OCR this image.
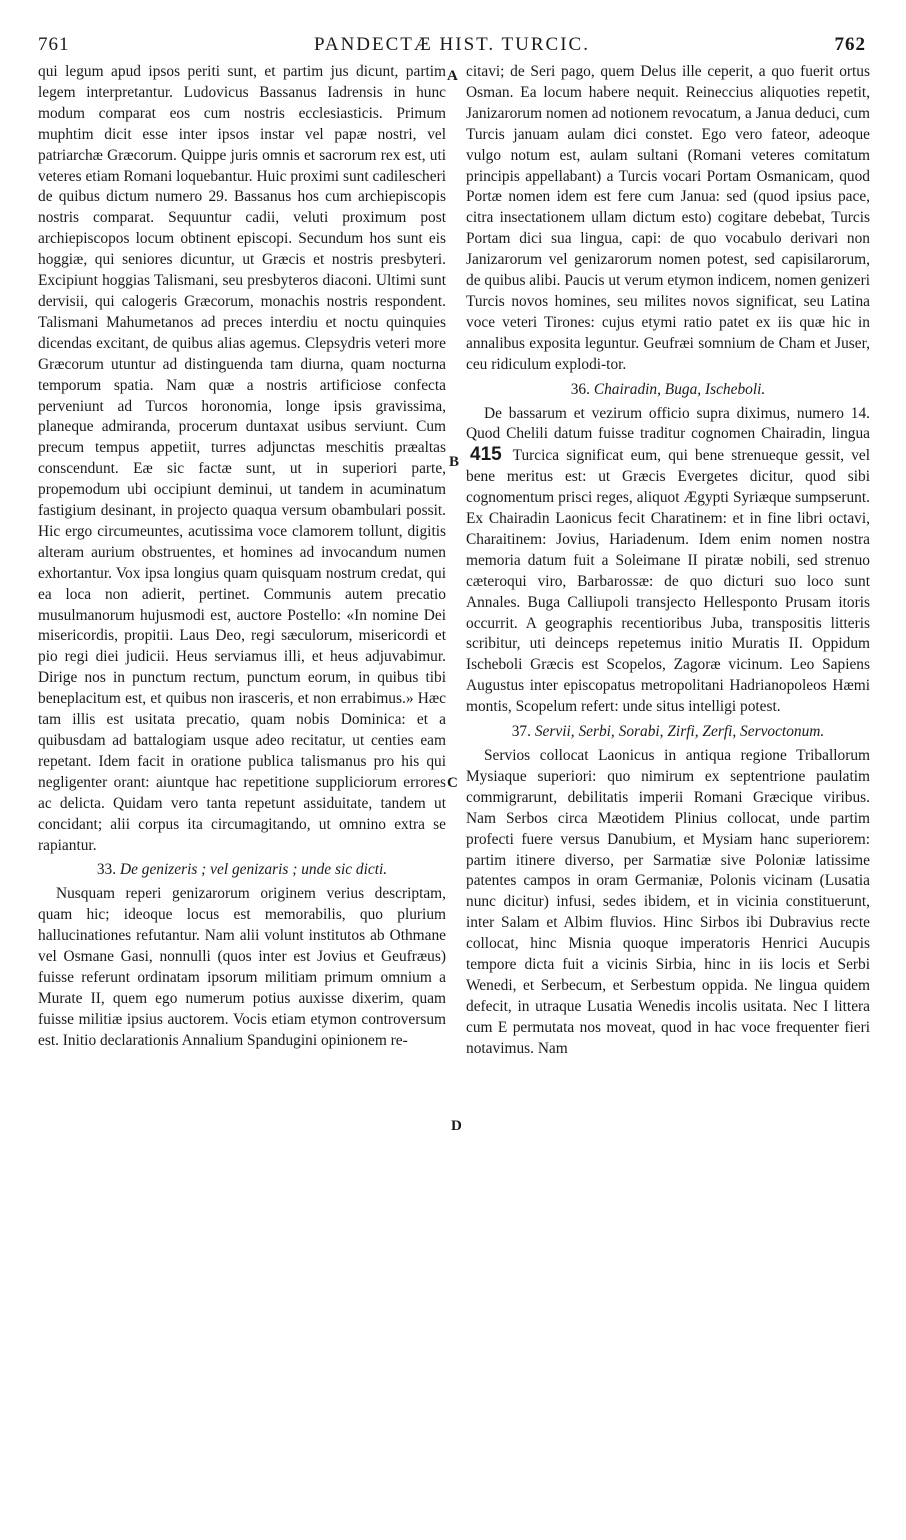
761	PANDECTÆ HIST. TURCIC.	762
A
B
C
D

qui legum apud ipsos periti sunt, et partim jus dicunt, partim legem interpretantur. Ludovicus Bassanus Iadrensis in hunc modum comparat eos cum nostris ecclesiasticis. Primum muphtim dicit esse inter ipsos instar vel papæ nostri, vel patriarchæ Græcorum. Quippe juris omnis et sacrorum rex est, uti veteres etiam Romani loquebantur. Huic proximi sunt cadilescheri de quibus dictum numero 29. Bassanus hos cum archiepiscopis nostris comparat. Sequuntur cadii, veluti proximum post archiepiscopos locum obtinent episcopi. Secundum hos sunt eis hoggiæ, qui seniores dicuntur, ut Græcis et nostris presbyteri. Excipiunt hoggias Talismani, seu presbyteros diaconi. Ultimi sunt dervisii, qui calogeris Græcorum, monachis nostris respondent. Talismani Mahumetanos ad preces interdiu et noctu quinquies dicendas excitant, de quibus alias agemus. Clepsydris veteri more Græcorum utuntur ad distinguenda tam diurna, quam nocturna temporum spatia. Nam quæ a nostris artificiose confecta perveniunt ad Turcos horonomia, longe ipsis gravissima, planeque admiranda, procerum duntaxat usibus serviunt. Cum precum tempus appetiit, turres adjunctas meschitis præaltas conscendunt. Eæ sic factæ sunt, ut in superiori parte, propemodum ubi occipiunt deminui, ut tandem in acuminatum fastigium desinant, in projecto quaqua versum obambulari possit. Hic ergo circumeuntes, acutissima voce clamorem tollunt, digitis alteram aurium obstruentes, et homines ad invocandum numen exhortantur. Vox ipsa longius quam quisquam nostrum credat, qui ea loca non adierit, pertinet. Communis autem precatio musulmanorum hujusmodi est, auctore Postello: «In nomine Dei misericordis, propitii. Laus Deo, regi sæculorum, misericordi et pio regi diei judicii. Heus serviamus illi, et heus adjuvabimur. Dirige nos in punctum rectum, punctum eorum, in quibus tibi beneplacitum est, et quibus non irasceris, et non errabimus.» Hæc tam illis est usitata precatio, quam nobis Dominica: et a quibusdam ad battalogiam usque adeo recitatur, ut centies eam repetant. Idem facit in oratione publica talismanus pro his qui negligenter orant: aiuntque hac repetitione suppliciorum errores ac delicta. Quidam vero tanta repetunt assiduitate, tandem ut concidant; alii corpus ita circumagitando, ut omnino extra se rapiantur.

33. De genizeris ; vel genizaris ; unde sic dicti.

Nusquam reperi genizarorum originem verius descriptam, quam hic; ideoque locus est memorabilis, quo plurium hallucinationes refutantur. Nam alii volunt institutos ab Othmane vel Osmane Gasi, nonnulli (quos inter est Jovius et Geufræus) fuisse referunt ordinatam ipsorum militiam primum omnium a Murate II, quem ego numerum potius auxisse dixerim, quam fuisse militiæ ipsius auctorem. Vocis etiam etymon controversum est. Initio declarationis Annalium Spandugini opinionem re-

citavi; de Seri pago, quem Delus ille ceperit, a quo fuerit ortus Osman. Ea locum habere nequit. Reineccius aliquoties repetit, Janizarorum nomen ad notionem revocatum, a Janua deduci, cum Turcis januam aulam dici constet. Ego vero fateor, adeoque vulgo notum est, aulam sultani (Romani veteres comitatum principis appellabant) a Turcis vocari Portam Osmanicam, quod Portæ nomen idem est fere cum Janua: sed (quod ipsius pace, citra insectationem ullam dictum esto) cogitare debebat, Turcis Portam dici sua lingua, capi: de quo vocabulo derivari non Janizarorum vel genizarorum nomen potest, sed capisilarorum, de quibus alibi. Paucis ut verum etymon indicem, nomen genizeri Turcis novos homines, seu milites novos significat, seu Latina voce veteri Tirones: cujus etymi ratio patet ex iis quæ hic in annalibus exposita leguntur. Geufræi somnium de Cham et Juser, ceu ridiculum explodi-tor.

36. Chairadin, Buga, Ischeboli.

De bassarum et vezirum officio supra diximus, numero 14. Quod Chelili datum fuisse traditur cognomen Chairadin, lingua 415 Turcica significat eum, qui bene strenueque gessit, vel bene meritus est: ut Græcis Evergetes dicitur, quod sibi cognomentum prisci reges, aliquot Ægypti Syriæque sumpserunt. Ex Chairadin Laonicus fecit Charatinem: et in fine libri octavi, Charaitinem: Jovius, Hariadenum. Idem enim nomen nostra memoria datum fuit a Soleimane II piratæ nobili, sed strenuo cæteroqui viro, Barbarossæ: de quo dicturi suo loco sunt Annales. Buga Calliupoli transjecto Hellesponto Prusam itoris occurrit. A geographis recentioribus Juba, transpositis litteris scribitur, uti deinceps repetemus initio Muratis II. Oppidum Ischeboli Græcis est Scopelos, Zagoræ vicinum. Leo Sapiens Augustus inter episcopatus metropolitani Hadrianopoleos Hæmi montis, Scopelum refert: unde situs intelligi potest.

37. Servii, Serbi, Sorabi, Zirfi, Zerfi, Servoctonum.

Servios collocat Laonicus in antiqua regione Triballorum Mysiaque superiori: quo nimirum ex septentrione paulatim commigrarunt, debilitatis imperii Romani Græcique viribus. Nam Serbos circa Mæotidem Plinius collocat, unde partim profecti fuere versus Danubium, et Mysiam hanc superiorem: partim itinere diverso, per Sarmatiæ sive Poloniæ latissime patentes campos in oram Germaniæ, Polonis vicinam (Lusatia nunc dicitur) infusi, sedes ibidem, et in vicinia constituerunt, inter Salam et Albim fluvios. Hinc Sirbos ibi Dubravius recte collocat, hinc Misnia quoque imperatoris Henrici Aucupis tempore dicta fuit a vicinis Sirbia, hinc in iis locis et Serbi Wenedi, et Serbecum, et Serbestum oppida. Ne lingua quidem defecit, in utraque Lusatia Wenedis incolis usitata. Nec I littera cum E permutata nos moveat, quod in hac voce frequenter fieri notavimus. Nam
